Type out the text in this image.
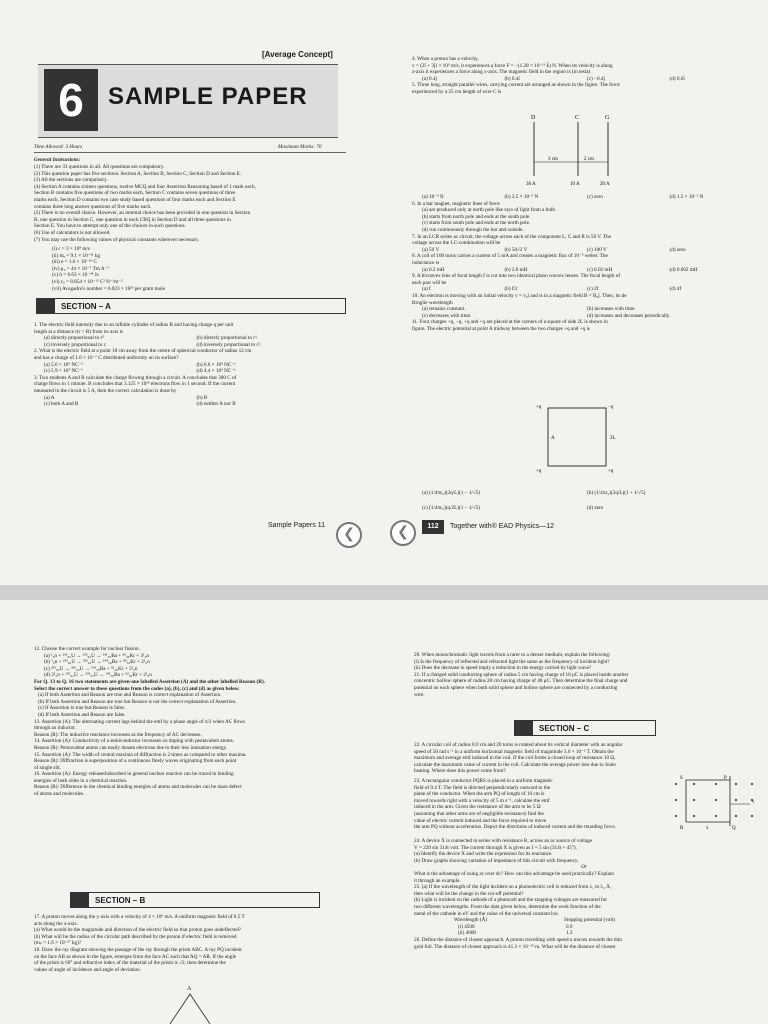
[Average Concept]
6	SAMPLE PAPER
Time Allowed: 3 Hours	Maximum Marks: 70
General Instructions:
(1) There are 33 questions in all. All questions are compulsory.
(2) This question paper has five sections: Section A, Section B, Section C, Section D and Section E.
(3) All the sections are compulsory.
(4) Section A contains sixteen questions, twelve MCQ and four Assertion Reasoning based of 1 mark each,
Section B contains five questions of two marks each, Section C contains seven questions of three
marks each, Section D contains two case study based questions of four marks each and Section E
contains three long answer questions of five marks each.
(5) There is no overall choice. However, an internal choice has been provided in one question in Section
B, one question in Section C, one question in each CBQ in Section D and all three questions in
Section E. You have to attempt only one of the choices in such questions.
(6) Use of calculators is not allowed.
(7) You may use the following values of physical constants wherever necessary.
(i) c = 3 × 10⁸ m/s
(ii) mₑ = 9.1 × 10⁻³¹ kg
(iii) e = 1.6 × 10⁻¹⁹ C
(iv) μ₀ = 4π × 10⁻⁷ Tm A⁻¹
(v) h = 6.63 × 10⁻³⁴ Js
(vi) ε₀ = 8.854 × 10⁻¹² C² N⁻¹m⁻²
(vii) Avogadro's number = 6.023 × 10²³ per gram mole
SECTION – A
1. The electric field intensity due to an infinite cylinder of radius R and having charge q per unit
length at a distance r(r > R) from its axis is
(a) directly proportional to r²	(b) directly proportional to r³.
(c) inversely proportional to r.	(d) inversely proportional to r².
2. What is the electric field at a point 18 cm away from the centre of spherical conductor of radius 12 cm
and has a charge of 1.6 × 10⁻⁷ C distributed uniformly on its surface?
(a) 5.6 × 10⁴ NC⁻¹	(b) 6.6 × 10⁴ NC⁻¹
(c) 5.9 × 10⁴ NC⁻¹	(d) 4.4 × 10⁴ NC⁻¹
3. Two students A and B calculate the charge flowing through a circuit. A concludes that 300 C of
charge flows in 1 minute. B concludes that 3.125 × 10¹⁹ electrons flow in 1 second. If the current
measured in the circuit is 5 A, then the correct calculation is done by
(a) A	(b) B
(c) both A and B	(d) neither A nor B
Sample Papers 11
❮
4. When a proton has a velocity,
v = (2î + 3ĵ) × 10⁶ m/s, it experiences a force F = −(1.28 × 10⁻¹³ k̂) N. When its velocity is along
z-axis it experiences a force along x-axis. The magnetic field in the region is (in tesla)
(a) 0.4ĵ	(b) 0.4î	(c) −0.4ĵ	(d) 0.6î
5. Three long, straight parallel wires, carrying current are arranged as shown in the figure. The force
experienced by a 25 cm length of wire C is
D	C	G
3 cm	2 cm
30 A	10 A	20 A
(a) 10⁻³ N	(b) 2.5 × 10⁻³ N	(c) zero	(d) 1.5 × 10⁻³ N
6. In a bar magnet, magnetic lines of force
(a) are produced only at north pole like rays of light from a bulb.
(b) starts from north pole and ends at the south pole.
(c) starts from south pole and ends at the north pole.
(d) run continuously through the bar and outside.
7. In an LCR series ac circuit, the voltage across each of the component L, C and R is 50 V. The
voltage across the LC-combination will be
(a) 50 V	(b) 50√2 V	(c) 100 V	(d) zero
8. A coil of 100 turns carries a current of 5 mA and creates a magnetic flux of 10⁻⁵ weber. The
inductance is
(a) 0.2 mH	(b) 2.0 mH	(c) 0.02 mH	(d) 0.002 mH
9. A biconvex lens of focal length f is cut into two identical plano convex lenses. The focal length of
each part will be
(a) f	(b) f/2	(c) 2f	(d) 4f
10. An electron is moving with an initial velocity v = v₀î and is in a magnetic field B = B₀ĵ. Then, its de
Broglie wavelength
(a) remains constant.	(b) increases with time.
(c) decreases with time.	(d) increases and decreases periodically.
11. Four charges +q, −q, +q and +q are placed at the corners of a square of side 2L is shown in
figure. The electric potential at point A midway between the two charges +q and +q is
+q	−q
+q	+q
A	2L
(a) (1/4πε₀)(2q/L)(1 − 1/√5)	(b) (1/4πε₀)(2q/L)(1 + 1/√5)
(c) (1/4πε₀)(q/2L)(1 − 1/√5)	(d) zero
❮	112	Together with® EAD Physics—12
12. Choose the correct example for nuclear fission.
(a) ¹₀n + ²³⁵₉₂U → ²³⁶₉₂U → ¹⁴¹₅₆Ba + ⁹²₃₆Kr + 3¹₀n
(b) ¹₀n + ²³⁵₉₂U → ²³⁶₉₂U → ¹⁴⁴₅₆Ba + ⁸⁹₃₆Kr + 2¹₀n
(c) ²³⁵₉₂U → ²³⁶₉₂U → ¹⁴¹₅₆Ba + ⁹²₃₆Kr + 3¹₀n
(d) 2¹₀n + ²³⁵₉₂U → ²³⁶₉₂U → ¹⁴¹₅₆Ba + ⁹²₃₆Kr + 2¹₀n
For Q. 13 to Q. 16 two statements are given-one labelled Assertion (A) and the other labelled Reason (R).
Select the correct answer to these questions from the codes (a), (b), (c) and (d) as given below.
(a) If both Assertion and Reason are true and Reason is correct explanation of Assertion.
(b) If both Assertion and Reason are true but Reason is not the correct explanation of Assertion.
(c) If Assertion is true but Reason is false.
(d) If both Assertion and Reason are false.
13. Assertion (A): The alternating current lags behind the emf by a phase angle of π/2 when AC flows
through an inductor.
Reason (R): The inductive reactance increases as the frequency of AC decreases.
14. Assertion (A): Conductivity of a semiconductor increases on doping with pentavalent atoms.
Reason (R): Pentavalent atoms can easily donate electrons due to their less ionisation energy.
15. Assertion (A): The width of central maxima of diffraction is 2 times as compared to other maxima.
Reason (R): Diffraction is superposition of a continuous finely waves originating from each point
of single slit.
16. Assertion (A): Energy released/absorbed in general nuclear reaction can be traced to binding
energies of both sides in a chemical reaction.
Reason (R): Difference in the chemical binding energies of atoms and molecules can be mass defect
of atoms and molecules.
SECTION – B
17. A proton moves along the y-axis with a velocity of 4 × 10⁶ m/s. A uniform magnetic field of 0.5 T
acts along the x-axis.
(a) What would be the magnitude and direction of the electric field so that proton goes undeflected?
(b) What will be the radius of the circular path described by the proton if electric field is removed
(mₚ = 1.6 × 10⁻²⁷ kg)?
18. Draw the ray diagram showing the passage of the ray through the prism ABC. A ray PQ incident
on the face AB as shown in the figure, emerges from the face AC such that AQ = AR. If the angle
of the prism is 60° and refractive index of the material of the prism is √2, then determine the
values of angle of incidence and angle of deviation.
A
20. When monochromatic light travels from a rarer to a denser medium, explain the following:
(i) Is the frequency of reflected and refracted light the same as the frequency of incident light?
(ii) Does the decrease in speed imply a reduction in the energy carried by light wave?
21. If a charged solid conducting sphere of radius 5 cm having charge of 10 μC is placed inside another
concentric hollow sphere of radius 20 cm having charge of 40 μC. Then determine the final charge and
potential on each sphere when both solid sphere and hollow sphere are connected by a conducting
wire.
SECTION – C
22. A circular coil of radius 8.0 cm and 20 turns is rotated about its vertical diameter with an angular
speed of 50 rad s⁻¹ in a uniform horizontal magnetic field of magnitude 3.0 × 10⁻² T. Obtain the
maximum and average emf induced in the coil. If the coil forms a closed loop of resistance 10 Ω,
calculate the maximum value of current in the coil. Calculate the average power loss due to Joule
heating. Where does this power come from?
23. A rectangular conductor PQRS is placed in a uniform magnetic
field of 0.4 T. The field is directed perpendicularly outward to the
plane of the conductor. When the arm PQ of length of 10 cm is
moved towards right with a velocity of 5 m s⁻¹, calculate the emf
induced in the arm. Given the resistance of the arm to be 5 Ω
(assuming that other arms are of negligible resistance) find the
value of electric current induced and the force required to move
the arm PQ without acceleration. Depict the directions of induced current and the retarding force.
S	P
R	Q
x
v
24. A device X is connected in series with resistance R, across an ac source of voltage
V = 220 sin 314t volt. The current through X is given as I = 5 sin (314t + 45°).
(a) Identify the device X and write the expression for its reactance.
(b) Draw graphs showing variation of impedance of this circuit with frequency.
Or
What is the advantage of using ac over dc? How can this advantage be used practically? Explain
it through an example.
25. (a) If the wavelength of the light incident on a photoelectric cell is reduced from λ₁ to λ₂ Å,
then what will be the change in the cut-off potential?
(b) Light is incident on the cathode of a photocell and the stopping voltages are measured for
two different wavelengths. From the data given below, determine the work function of the
metal of the cathode in eV and the value of the universal constant h/e.
Wavelength (Å)	Stopping potential (volt)
(i) 4500	0.9
(ii) 4000	1.3
26. Define the distance of closest approach. A proton travelling with speed u moves towards the thin
gold foil. The distance of closest approach is 41.3 × 10⁻¹⁵ m. What will be the distance of closest
